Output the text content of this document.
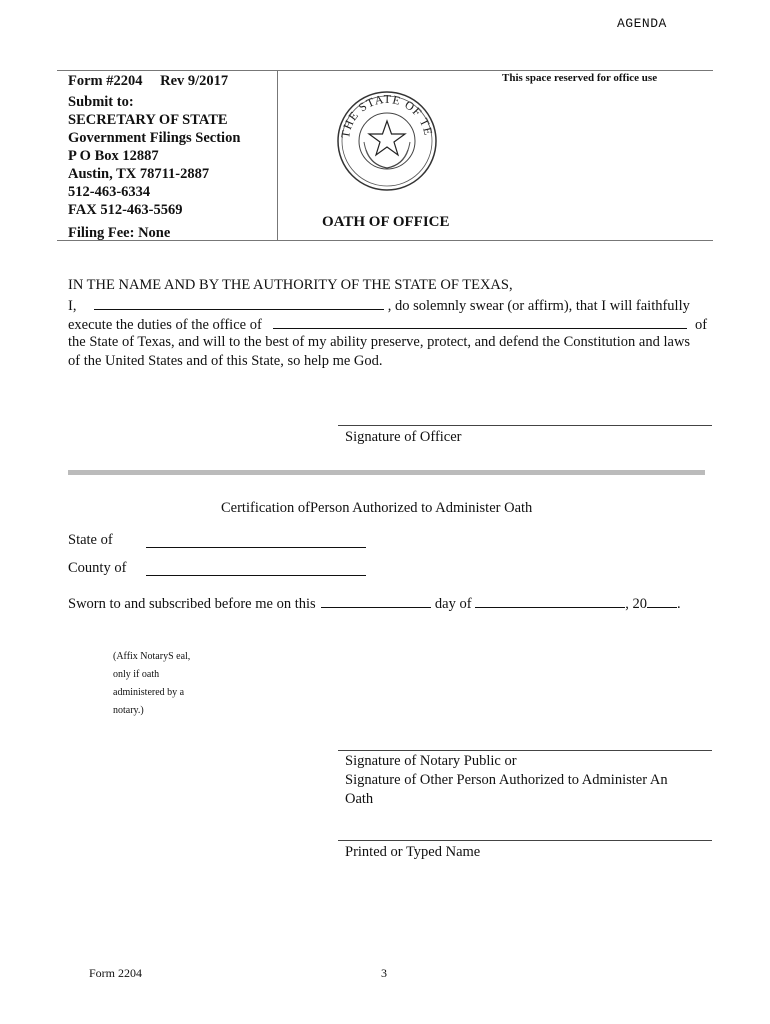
AGENDA
Form #2204 Rev 9/2017
Submit to:
SECRETARY OF STATE
Government Filings Section
P O Box 12887
Austin, TX 78711-2887
512-463-6334
FAX 512-463-5569
Filing Fee: None
This space reserved for office use
THE STATE OF TE
OATH OF OFFICE
IN THE NAME AND BY THE AUTHORITY OF THE STATE OF TEXAS,
I,	, do solemnly swear (or affirm), that I will faithfully
execute the duties of the office of	of
the State of Texas, and will to the best of my ability preserve, protect, and defend the Constitution and laws
of the United States and of this State, so help me God.
Signature of Officer
Certification ofPerson Authorized to Administer Oath
State of
County of
Sworn to and subscribed before me on this	day of	, 20 .
(Affix NotaryS eal,
only if oath
administered by a
notary.)
Signature of Notary Public or
Signature of Other Person Authorized to Administer An
Oath
Printed or Typed Name
Form 2204	3
